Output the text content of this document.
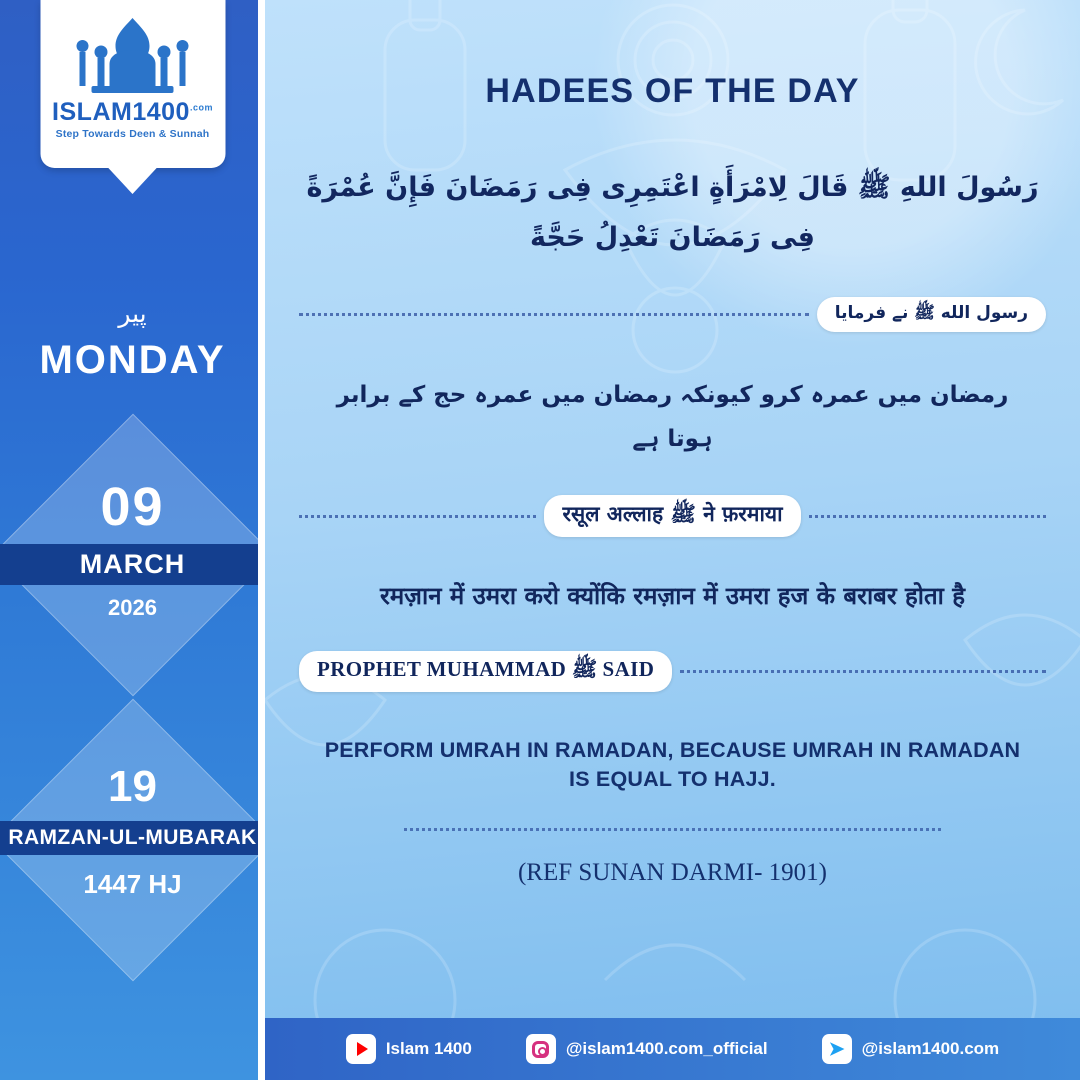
$ISLAM1400^{.com}$
Step Towards Deen & Sunnah
پیر
MONDAY
09
MARCH
2026
19
RAMZAN-UL-MUBARAK
1447 HJ
HADEES OF THE DAY
رَسُولَ اللهِ ﷺ قَالَ لِامْرَأَةٍ اعْتَمِرِى فِى رَمَضَانَ فَإِنَّ عُمْرَةً فِى رَمَضَانَ تَعْدِلُ حَجَّةً
رسول الله ﷺ نے فرمایا
رمضان میں عمرہ کرو کیونکہ رمضان میں عمرہ حج کے برابر ہوتا ہے
रसूल अल्लाह ﷺ ने फ़रमाया
रमज़ान में उमरा करो क्योंकि रमज़ान में उमरा हज के बराबर होता है
PROPHET MUHAMMAD ﷺ SAID
PERFORM UMRAH IN RAMADAN, BECAUSE UMRAH IN RAMADAN IS EQUAL TO HAJJ.
(REF SUNAN DARMI- 1901)
Islam 1400	@islam1400.com_official	➤ @islam1400.com
